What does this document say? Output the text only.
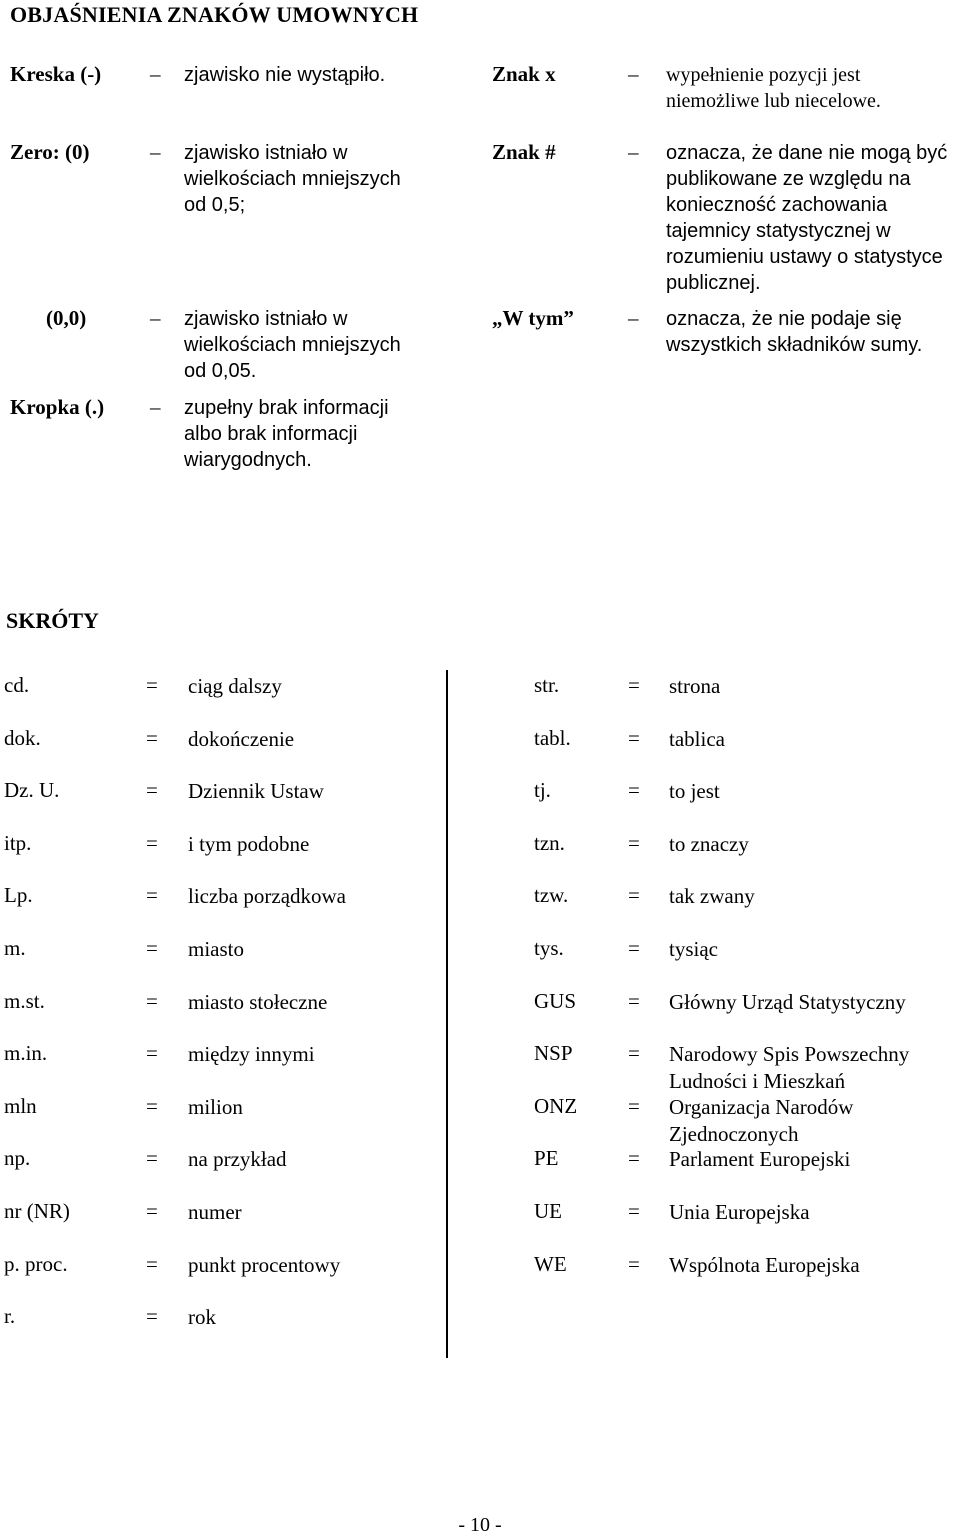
OBJAŚNIENIA ZNAKÓW UMOWNYCH
Kreska (-) – zjawisko nie wystąpiło.
Zero: (0)	– zjawisko istniało w wielkościach mniejszych od 0,5;
(0,0)	– zjawisko istniało w wielkościach mniejszych od 0,05.
Kropka (.) – zupełny brak informacji albo brak informacji wiarygodnych.
Znak x	– wypełnienie pozycji jest niemożliwe lub niecelowe.
Znak #	– oznacza, że dane nie mogą być publikowane ze względu na konieczność zachowania tajemnicy statystycznej w rozumieniu ustawy o statystyce publicznej.
„W tym”	– oznacza, że nie podaje się wszystkich składników sumy.
SKRÓTY
cd.	= ciąg dalszy
dok.	= dokończenie
Dz. U.	= Dziennik Ustaw
itp.	= i tym podobne
Lp.	= liczba porządkowa
m.	= miasto
m.st.	= miasto stołeczne
m.in.	= między innymi
mln	= milion
np.	= na przykład
nr (NR)	= numer
p. proc.	= punkt procentowy
r.	= rok
str.	= strona
tabl.	= tablica
tj.	= to jest
tzn.	= to znaczy
tzw.	= tak zwany
tys.	= tysiąc
GUS = Główny Urząd Statystyczny
NSP	= Narodowy Spis Powszechny Ludności i Mieszkań
ONZ = Organizacja Narodów Zjednoczonych
PE	= Parlament Europejski
UE	= Unia Europejska
WE	= Wspólnota Europejska
- 10 -
